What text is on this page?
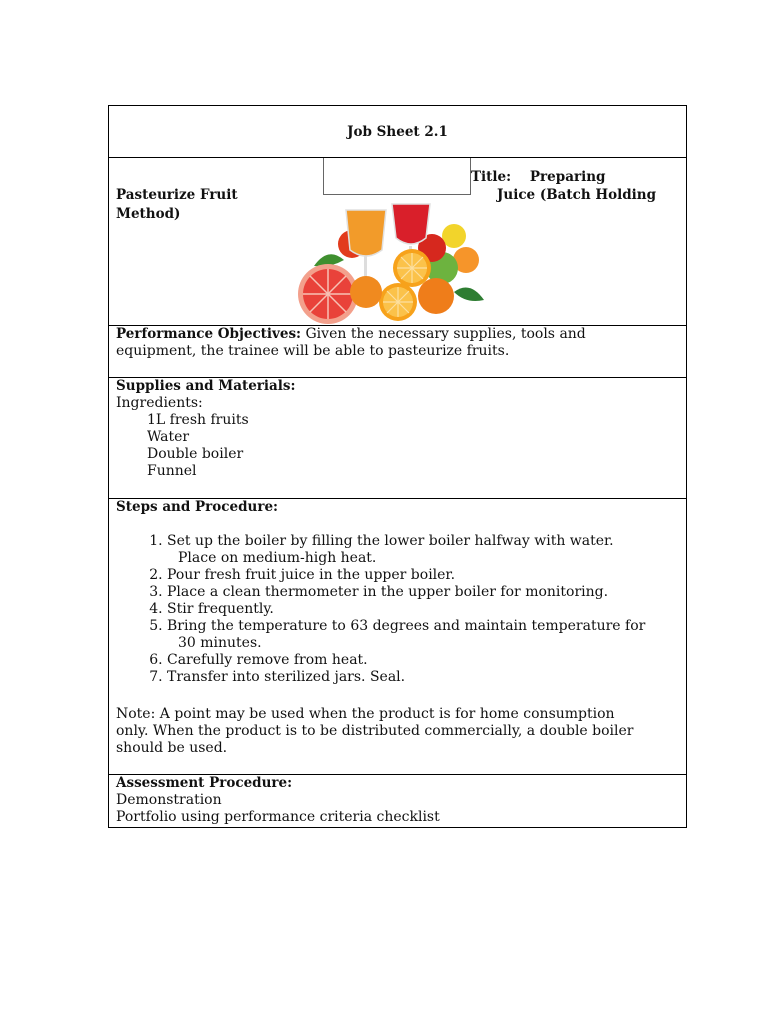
Job Sheet 2.1
Pasteurize Fruit
Method)
Title:    Preparing
Juice (Batch Holding
Performance Objectives: Given the necessary supplies, tools and
equipment, the trainee will be able to pasteurize fruits.
Supplies and Materials:
Ingredients:
1L fresh fruits
Water
Double boiler
Funnel
Steps and Procedure:
1. Set up the boiler by filling the lower boiler halfway with water.
Place on medium-high heat.
2. Pour fresh fruit juice in the upper boiler.
3. Place a clean thermometer in the upper boiler for monitoring.
4. Stir frequently.
5. Bring the temperature to 63 degrees and maintain temperature for
30 minutes.
6. Carefully remove from heat.
7. Transfer into sterilized jars. Seal.
Note: A point may be used when the product is for home consumption
only. When the product is to be distributed commercially, a double boiler
should be used.
Assessment Procedure:
Demonstration
Portfolio using performance criteria checklist
